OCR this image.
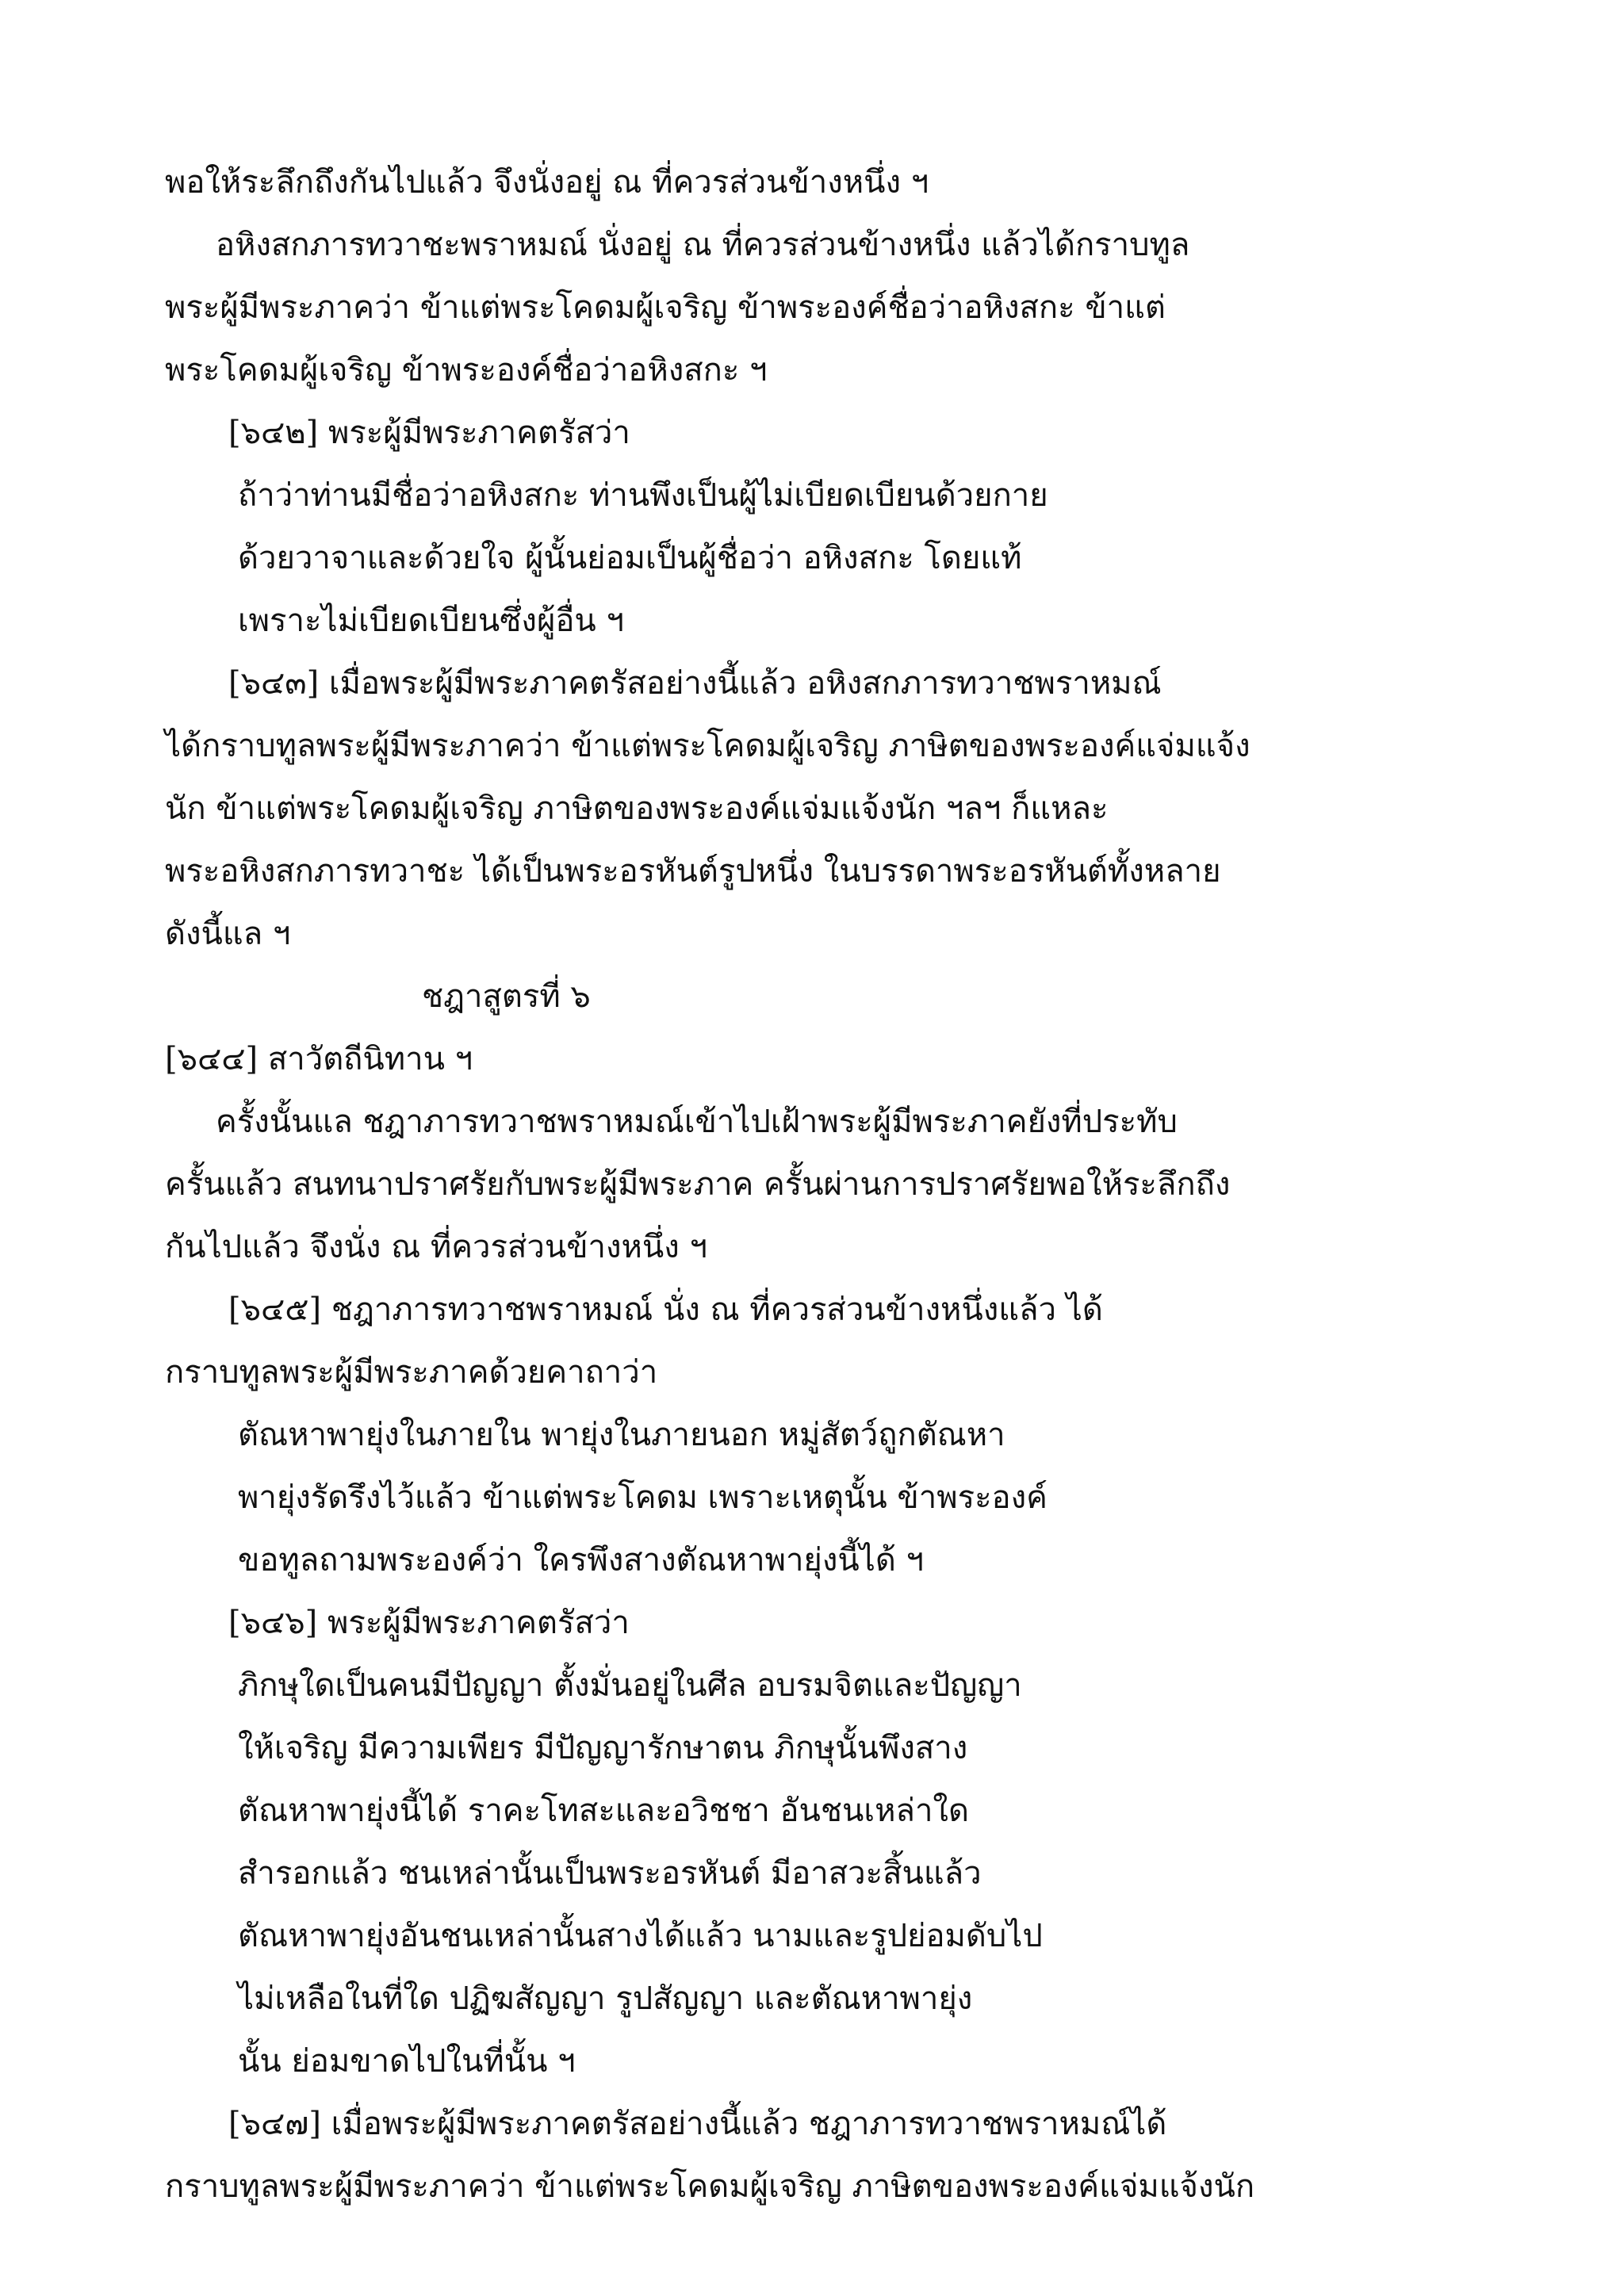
พอให้ระลึกถึงกันไปแล้ว จึงนั่งอยู่ ณ ที่ควรส่วนข้างหนึ่ง ฯ
อหิงสกภารทวาชะพราหมณ์ นั่งอยู่ ณ ที่ควรส่วนข้างหนึ่ง แล้วได้กราบทูล
พระผู้มีพระภาคว่า ข้าแต่พระโคดมผู้เจริญ ข้าพระองค์ชื่อว่าอหิงสกะ ข้าแต่
พระโคดมผู้เจริญ ข้าพระองค์ชื่อว่าอหิงสกะ ฯ
[๖๔๒] พระผู้มีพระภาคตรัสว่า
ถ้าว่าท่านมีชื่อว่าอหิงสกะ ท่านพึงเป็นผู้ไม่เบียดเบียนด้วยกาย
ด้วยวาจาและด้วยใจ ผู้นั้นย่อมเป็นผู้ชื่อว่า อหิงสกะ โดยแท้
เพราะไม่เบียดเบียนซึ่งผู้อื่น ฯ
[๖๔๓] เมื่อพระผู้มีพระภาคตรัสอย่างนี้แล้ว อหิงสกภารทวาชพราหมณ์
ได้กราบทูลพระผู้มีพระภาคว่า ข้าแต่พระโคดมผู้เจริญ ภาษิตของพระองค์แจ่มแจ้ง
นัก ข้าแต่พระโคดมผู้เจริญ ภาษิตของพระองค์แจ่มแจ้งนัก ฯลฯ ก็แหละ
พระอหิงสกภารทวาชะ ได้เป็นพระอรหันต์รูปหนึ่ง ในบรรดาพระอรหันต์ทั้งหลาย
ดังนี้แล ฯ
ชฎาสูตรที่ ๖
[๖๔๔] สาวัตถีนิทาน ฯ
ครั้งนั้นแล ชฎาภารทวาชพราหมณ์เข้าไปเฝ้าพระผู้มีพระภาคยังที่ประทับ
ครั้นแล้ว สนทนาปราศรัยกับพระผู้มีพระภาค ครั้นผ่านการปราศรัยพอให้ระลึกถึง
กันไปแล้ว จึงนั่ง ณ ที่ควรส่วนข้างหนึ่ง ฯ
[๖๔๕] ชฎาภารทวาชพราหมณ์ นั่ง ณ ที่ควรส่วนข้างหนึ่งแล้ว ได้
กราบทูลพระผู้มีพระภาคด้วยคาถาว่า
ตัณหาพายุ่งในภายใน พายุ่งในภายนอก หมู่สัตว์ถูกตัณหา
พายุ่งรัดรึงไว้แล้ว ข้าแต่พระโคดม เพราะเหตุนั้น ข้าพระองค์
ขอทูลถามพระองค์ว่า ใครพึงสางตัณหาพายุ่งนี้ได้ ฯ
[๖๔๖] พระผู้มีพระภาคตรัสว่า
ภิกษุใดเป็นคนมีปัญญา ตั้งมั่นอยู่ในศีล อบรมจิตและปัญญา
ให้เจริญ มีความเพียร มีปัญญารักษาตน ภิกษุนั้นพึงสาง
ตัณหาพายุ่งนี้ได้ ราคะโทสะและอวิชชา อันชนเหล่าใด
สำรอกแล้ว ชนเหล่านั้นเป็นพระอรหันต์ มีอาสวะสิ้นแล้ว
ตัณหาพายุ่งอันชนเหล่านั้นสางได้แล้ว นามและรูปย่อมดับไป
ไม่เหลือในที่ใด ปฏิฆสัญญา รูปสัญญา และตัณหาพายุ่ง
นั้น ย่อมขาดไปในที่นั้น ฯ
[๖๔๗] เมื่อพระผู้มีพระภาคตรัสอย่างนี้แล้ว ชฎาภารทวาชพราหมณ์ได้
กราบทูลพระผู้มีพระภาคว่า ข้าแต่พระโคดมผู้เจริญ ภาษิตของพระองค์แจ่มแจ้งนัก
